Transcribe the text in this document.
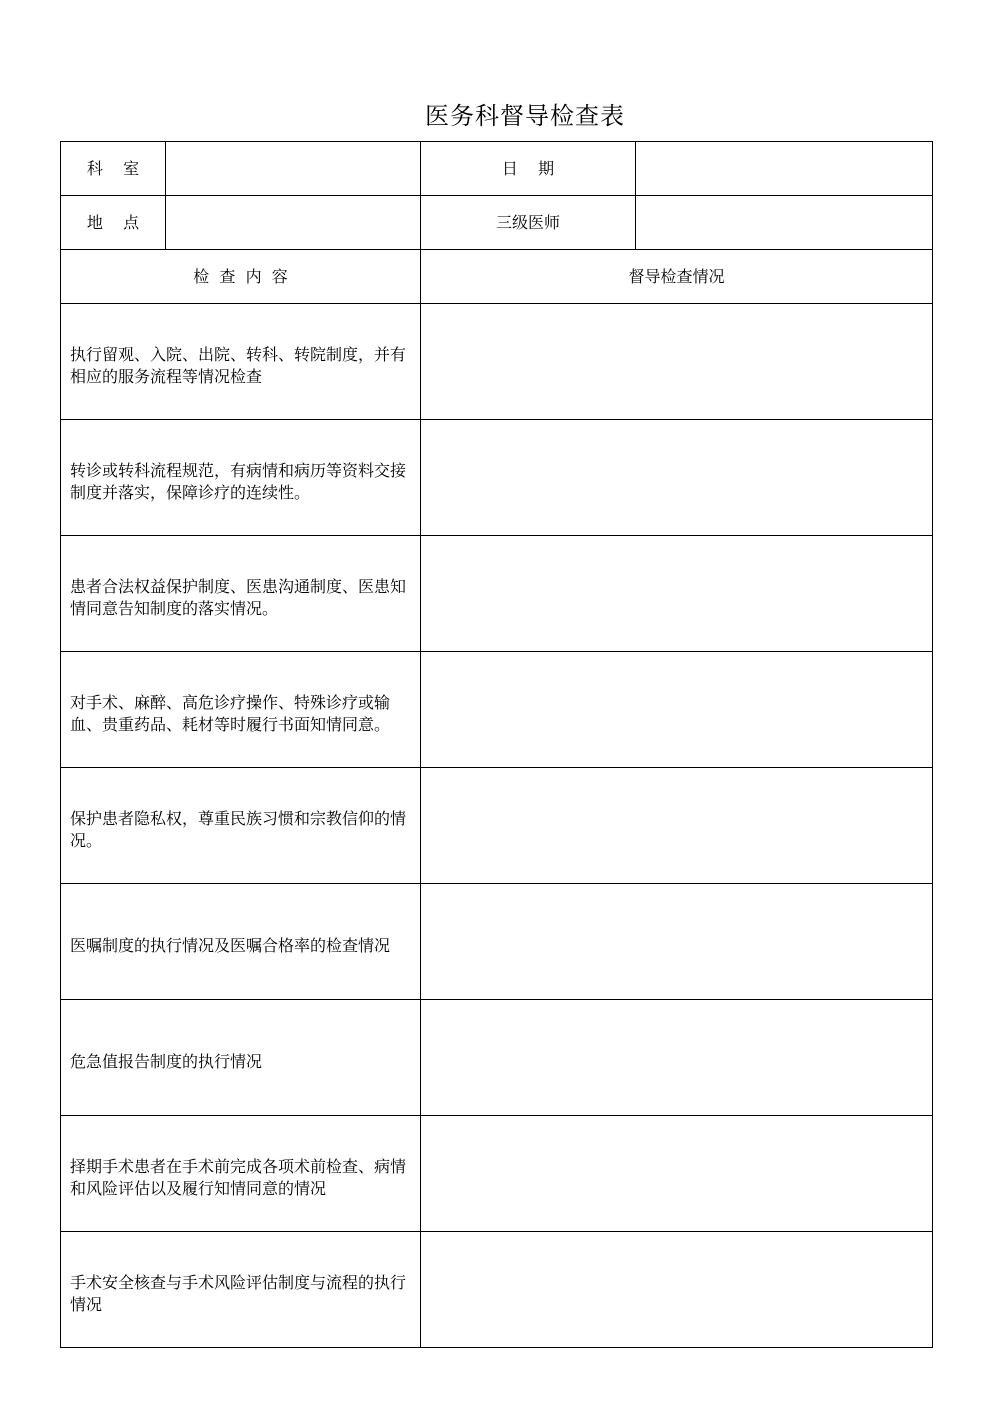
医务科督导检查表
科    室		日    期	
地    点		三级医师	
检  查  内  容		督导检查情况	
执行留观、入院、出院、转科、转院制度，并有相应的服务流程等情况检查			
转诊或转科流程规范，有病情和病历等资料交接制度并落实，保障诊疗的连续性。			
患者合法权益保护制度、医患沟通制度、医患知情同意告知制度的落实情况。			
对手术、麻醉、高危诊疗操作、特殊诊疗或输血、贵重药品、耗材等时履行书面知情同意。			
保护患者隐私权，尊重民族习惯和宗教信仰的情况。			
医嘱制度的执行情况及医嘱合格率的检查情况			
危急值报告制度的执行情况			
择期手术患者在手术前完成各项术前检查、病情和风险评估以及履行知情同意的情况			
手术安全核查与手术风险评估制度与流程的执行情况			
